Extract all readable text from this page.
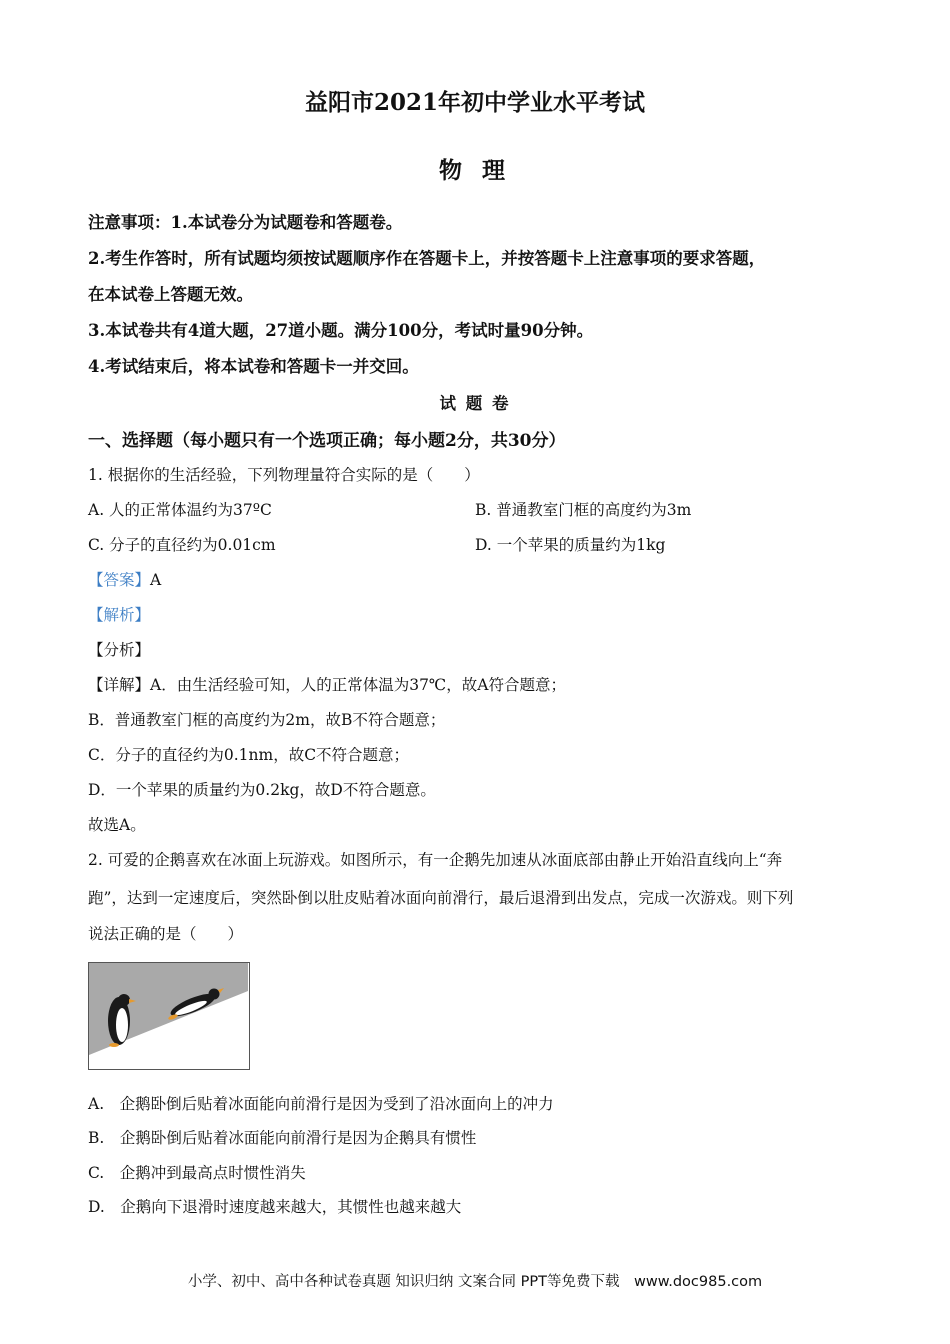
益阳市2021年初中学业水平考试
物 理
注意事项：1.本试卷分为试题卷和答题卷。
2.考生作答时，所有试题均须按试题顺序作在答题卡上，并按答题卡上注意事项的要求答题，
在本试卷上答题无效。
3.本试卷共有4道大题，27道小题。满分100分，考试时量90分钟。
4.考试结束后，将本试卷和答题卡一并交回。
试 题 卷
一、选择题（每小题只有一个选项正确；每小题2分，共30分）
1. 根据你的生活经验，下列物理量符合实际的是（　　）
A. 人的正常体温约为37ºC	B. 普通教室门框的高度约为3m
C. 分子的直径约为0.01cm	D. 一个苹果的质量约为1kg
【答案】A
【解析】
【分析】
【详解】A．由生活经验可知，人的正常体温为37℃，故A符合题意；
B．普通教室门框的高度约为2m，故B不符合题意；
C．分子的直径约为0.1nm，故C不符合题意；
D．一个苹果的质量约为0.2kg，故D不符合题意。
故选A。
2. 可爱的企鹅喜欢在冰面上玩游戏。如图所示，有一企鹅先加速从冰面底部由静止开始沿直线向上“奔
跑”，达到一定速度后，突然卧倒以肚皮贴着冰面向前滑行，最后退滑到出发点，完成一次游戏。则下列
说法正确的是（　　）
A.　企鹅卧倒后贴着冰面能向前滑行是因为受到了沿冰面向上的冲力
B.　企鹅卧倒后贴着冰面能向前滑行是因为企鹅具有惯性
C.　企鹅冲到最高点时惯性消失
D.　企鹅向下退滑时速度越来越大，其惯性也越来越大
小学、初中、高中各种试卷真题 知识归纳 文案合同 PPT等免费下载　www.doc985.com
